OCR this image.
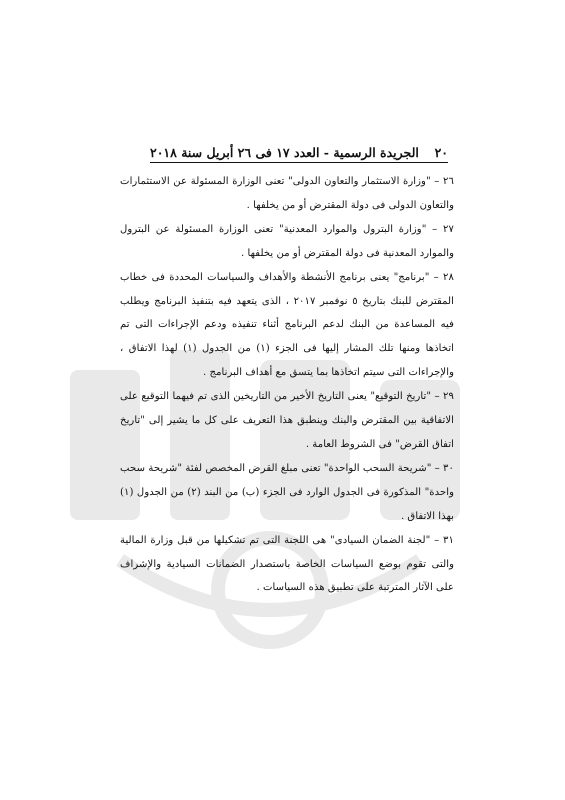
٢٠
الجريدة الرسمية - العدد ١٧ فى ٢٦ أبريل سنة ٢٠١٨

٢٦ – "وزارة الاستثمار والتعاون الدولى" تعنى الوزارة المسئولة عن الاستثمارات والتعاون الدولى فى دولة المقترض أو من يخلفها .

٢٧ – "وزارة البترول والموارد المعدنية" تعنى الوزارة المسئولة عن البترول والموارد المعدنية فى دولة المقترض أو من يخلفها .

٢٨ – "برنامج" يعنى برنامج الأنشطة والأهداف والسياسات المحددة فى خطاب المقترض للبنك بتاريخ ٥ نوفمبر ٢٠١٧ ، الذى يتعهد فيه بتنفيذ البرنامج ويطلب فيه المساعدة من البنك لدعم البرنامج أثناء تنفيذه ودعم الإجراءات التى تم اتخاذها ومنها تلك المشار إليها فى الجزء (١) من الجدول (١) لهذا الاتفاق ، والإجراءات التى سيتم اتخاذها بما يتسق مع أهداف البرنامج .

٢٩ – "تاريخ التوقيع" يعنى التاريخ الأخير من التاريخين الذى تم فيهما التوقيع على الاتفاقية بين المقترض والبنك وينطبق هذا التعريف على كل ما يشير إلى "تاريخ اتفاق القرض" فى الشروط العامة .

٣٠ – "شريحة السحب الواحدة" تعنى مبلغ القرض المخصص لفئة "شريحة سحب واحدة" المذكورة فى الجدول الوارد فى الجزء (ب) من البند (٢) من الجدول (١) بهذا الاتفاق .

٣١ – "لجنة الضمان السيادى" هى اللجنة التى تم تشكيلها من قبل وزارة المالية والتى تقوم بوضع السياسات الخاصة باستصدار الضمانات السيادية والإشراف على الآثار المترتبة على تطبيق هذه السياسات .
